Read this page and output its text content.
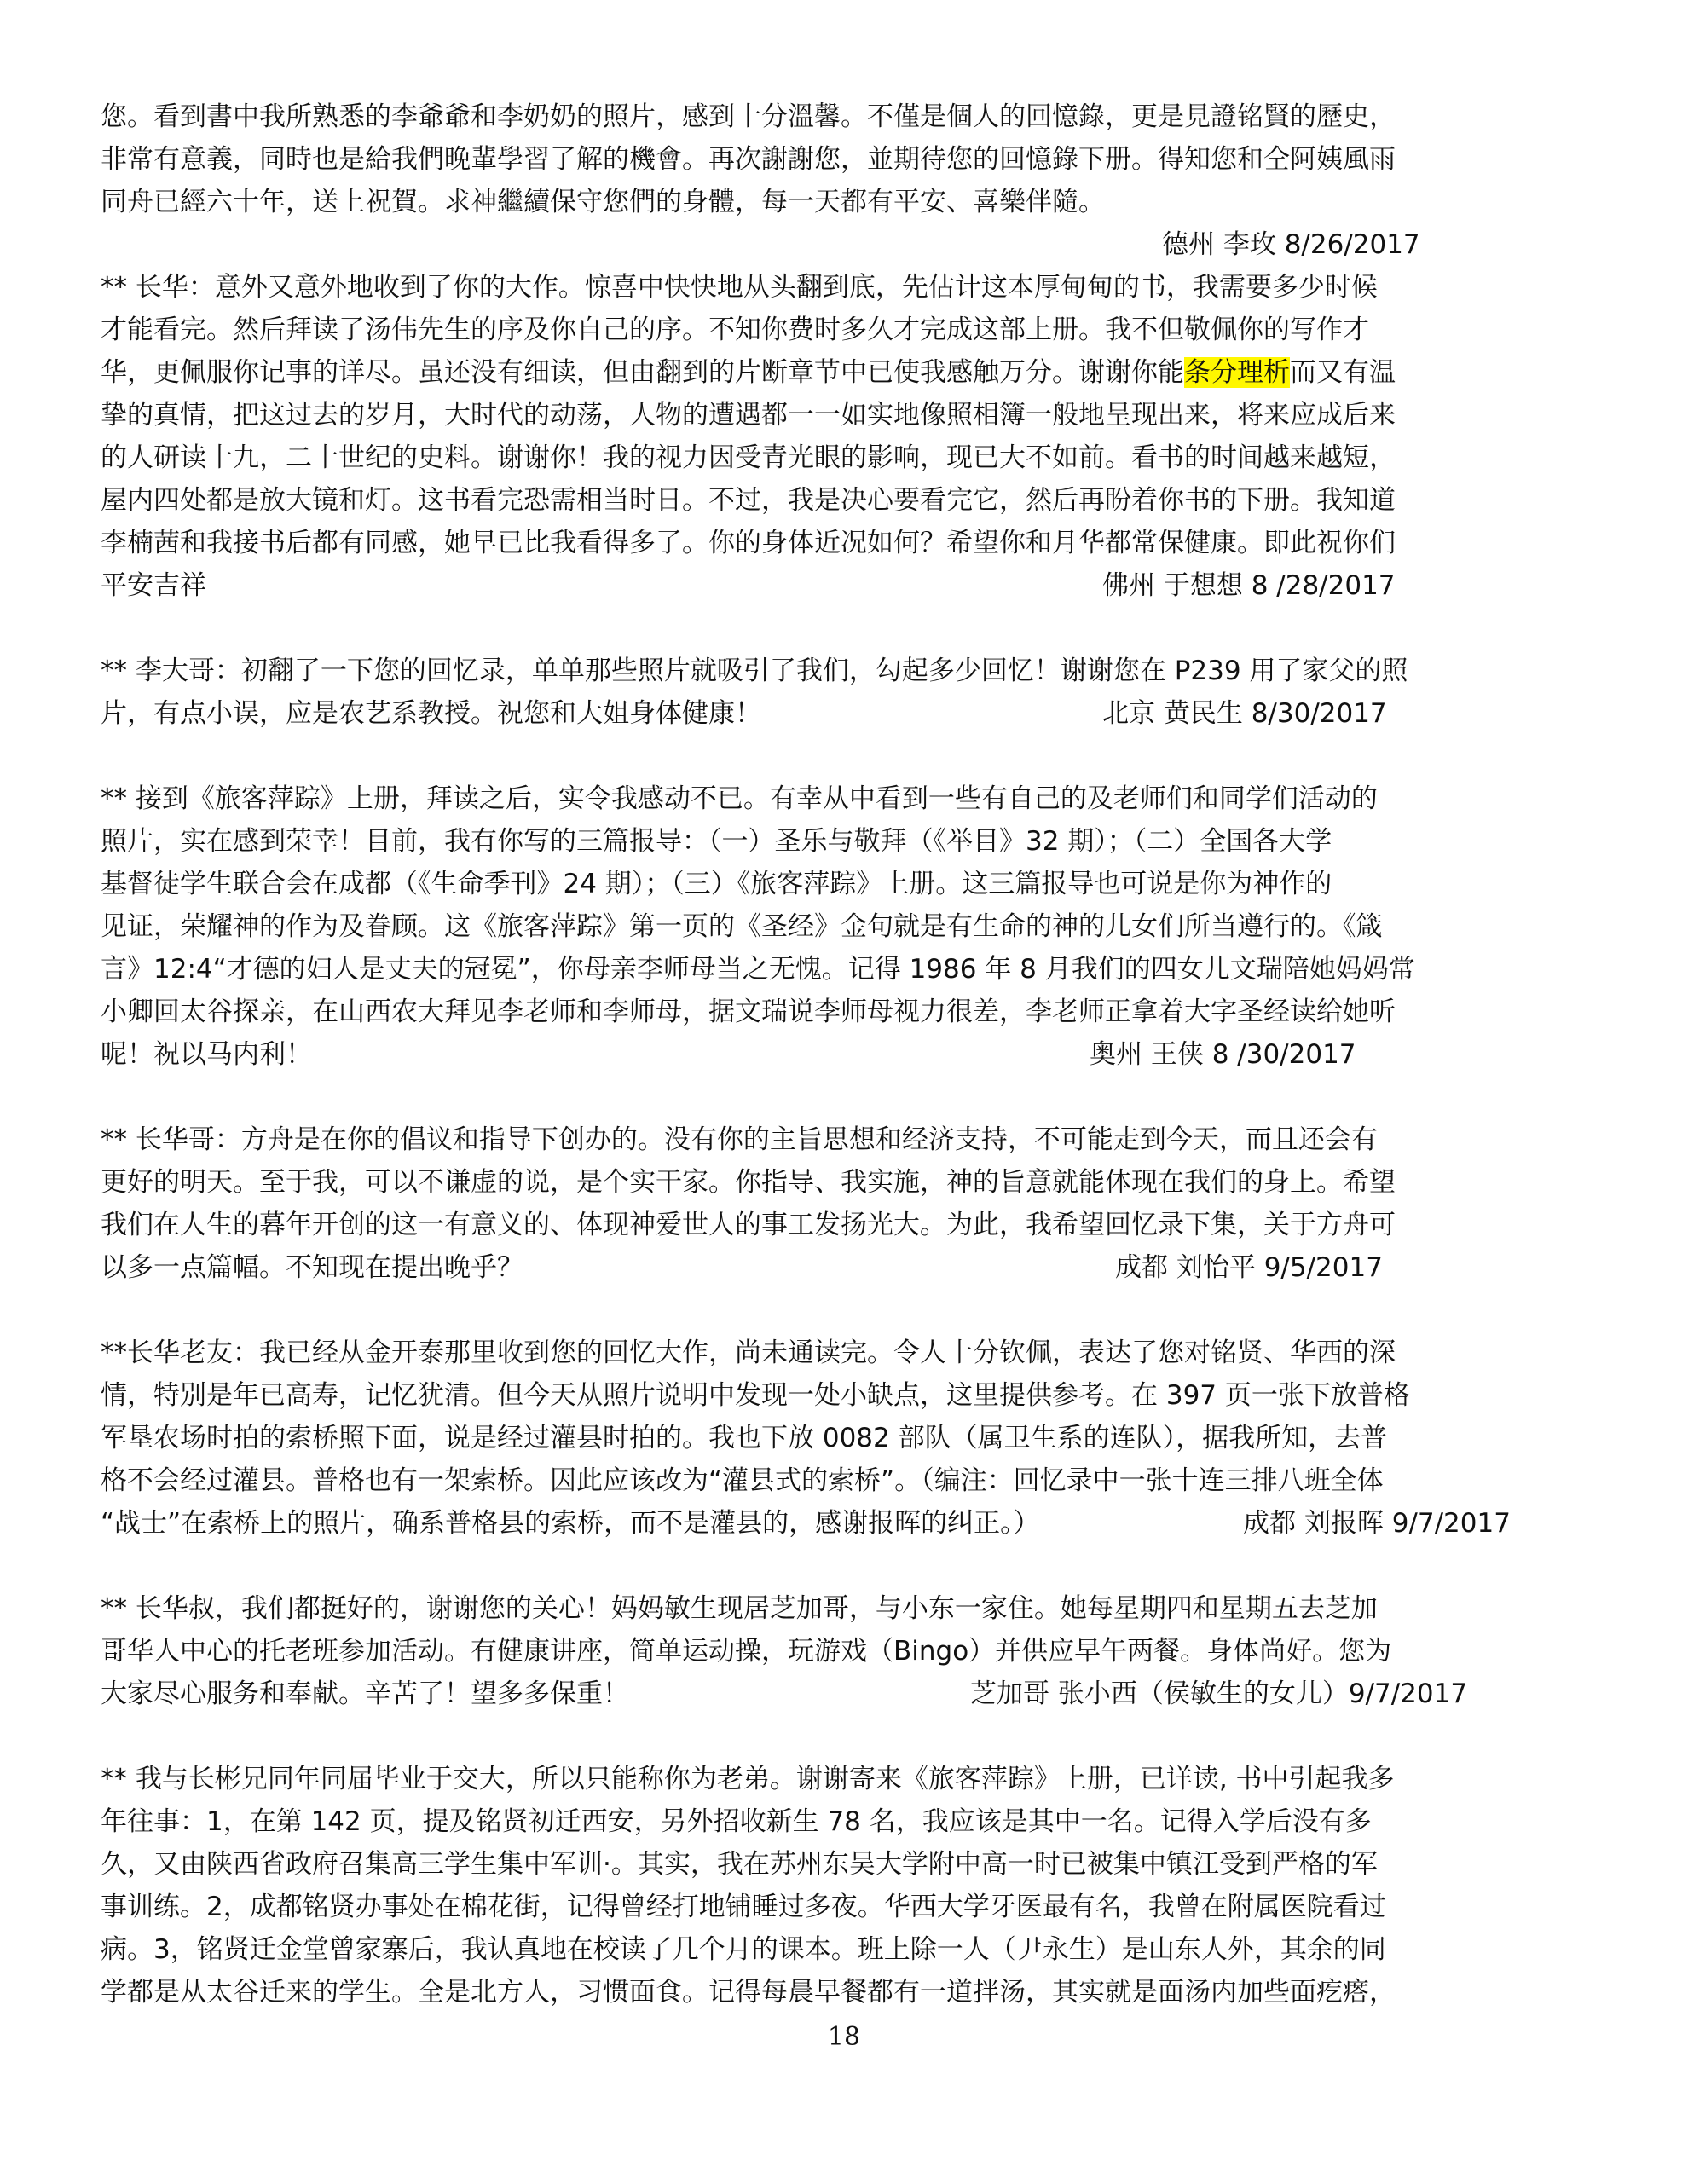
您。看到書中我所熟悉的李爺爺和李奶奶的照片，感到十分溫馨。不僅是個人的回憶錄，更是見證铭賢的歷史，

非常有意義，同時也是給我們晚輩學習了解的機會。再次謝謝您，並期待您的回憶錄下册。得知您和仝阿姨風雨

同舟已經六十年，送上祝賀。求神繼續保守您們的身體，每一天都有平安、喜樂伴隨。

德州 李玫 8/26/2017

** 长华：意外又意外地收到了你的大作。惊喜中快快地从头翻到底，先估计这本厚甸甸的书，我需要多少时候

才能看完。然后拜读了汤伟先生的序及你自己的序。不知你费时多久才完成这部上册。我不但敬佩你的写作才

华，更佩服你记事的详尽。虽还没有细读，但由翻到的片断章节中已使我感触万分。谢谢你能条分理析而又有温

挚的真情，把这过去的岁月，大时代的动荡，人物的遭遇都一一如实地像照相簿一般地呈现出来，将来应成后来

的人研读十九，二十世纪的史料。谢谢你！我的视力因受青光眼的影响，现已大不如前。看书的时间越来越短，

屋内四处都是放大镜和灯。这书看完恐需相当时日。不过，我是决心要看完它，然后再盼着你书的下册。我知道

李楠茜和我接书后都有同感，她早已比我看得多了。你的身体近况如何？希望你和月华都常保健康。即此祝你们

平安吉祥	佛州 于想想 8 /28/2017

** 李大哥：初翻了一下您的回忆录，单单那些照片就吸引了我们，勾起多少回忆！谢谢您在 P239 用了家父的照

片，有点小误，应是农艺系教授。祝您和大姐身体健康！	北京 黄民生 8/30/2017

** 接到《旅客萍踪》上册，拜读之后，实令我感动不已。有幸从中看到一些有自己的及老师们和同学们活动的

照片，实在感到荣幸！目前，我有你写的三篇报导：（一）圣乐与敬拜（《举目》32 期）；（二）全国各大学

基督徒学生联合会在成都（《生命季刊》24 期）；（三）《旅客萍踪》上册。这三篇报导也可说是你为神作的

见证，荣耀神的作为及眷顾。这《旅客萍踪》第一页的《圣经》金句就是有生命的神的儿女们所当遵行的。《箴

言》12:4“才德的妇人是丈夫的冠冕”，你母亲李师母当之无愧。记得 1986 年 8 月我们的四女儿文瑞陪她妈妈常

小卿回太谷探亲，在山西农大拜见李老师和李师母，据文瑞说李师母视力很差，李老师正拿着大字圣经读给她听

呢！祝以马内利！	奥州 王侠 8 /30/2017

** 长华哥：方舟是在你的倡议和指导下创办的。没有你的主旨思想和经济支持，不可能走到今天，而且还会有

更好的明天。至于我，可以不谦虚的说，是个实干家。你指导、我实施，神的旨意就能体现在我们的身上。希望

我们在人生的暮年开创的这一有意义的、体现神爱世人的事工发扬光大。为此，我希望回忆录下集，关于方舟可

以多一点篇幅。不知现在提出晚乎？	成都 刘怡平 9/5/2017

**长华老友：我已经从金开泰那里收到您的回忆大作，尚未通读完。令人十分钦佩，表达了您对铭贤、华西的深

情，特别是年已高寿，记忆犹清。但今天从照片说明中发现一处小缺点，这里提供参考。在 397 页一张下放普格

军垦农场时拍的索桥照下面，说是经过灌县时拍的。我也下放 0082 部队（属卫生系的连队），据我所知，去普

格不会经过灌县。普格也有一架索桥。因此应该改为“灌县式的索桥”。（编注：回忆录中一张十连三排八班全体

“战士”在索桥上的照片，确系普格县的索桥，而不是灌县的，感谢报晖的纠正。）	成都 刘报晖 9/7/2017

** 长华叔，我们都挺好的，谢谢您的关心！妈妈敏生现居芝加哥，与小东一家住。她每星期四和星期五去芝加

哥华人中心的托老班参加活动。有健康讲座，简单运动操，玩游戏（Bingo）并供应早午两餐。身体尚好。您为

大家尽心服务和奉献。辛苦了！望多多保重！	芝加哥 张小西（侯敏生的女儿）9/7/2017

** 我与长彬兄同年同届毕业于交大，所以只能称你为老弟。谢谢寄来《旅客萍踪》上册，已详读, 书中引起我多

年往事：1，在第 142 页，提及铭贤初迁西安，另外招收新生 78 名，我应该是其中一名。记得入学后没有多

久，又由陕西省政府召集高三学生集中军训·。其实，我在苏州东吴大学附中高一时已被集中镇江受到严格的军

事训练。2，成都铭贤办事处在棉花街，记得曾经打地铺睡过多夜。华西大学牙医最有名，我曾在附属医院看过

病。3，铭贤迁金堂曾家寨后，我认真地在校读了几个月的课本。班上除一人（尹永生）是山东人外，其余的同

学都是从太谷迁来的学生。全是北方人，习惯面食。记得每晨早餐都有一道拌汤，其实就是面汤内加些面疙瘩，

18
